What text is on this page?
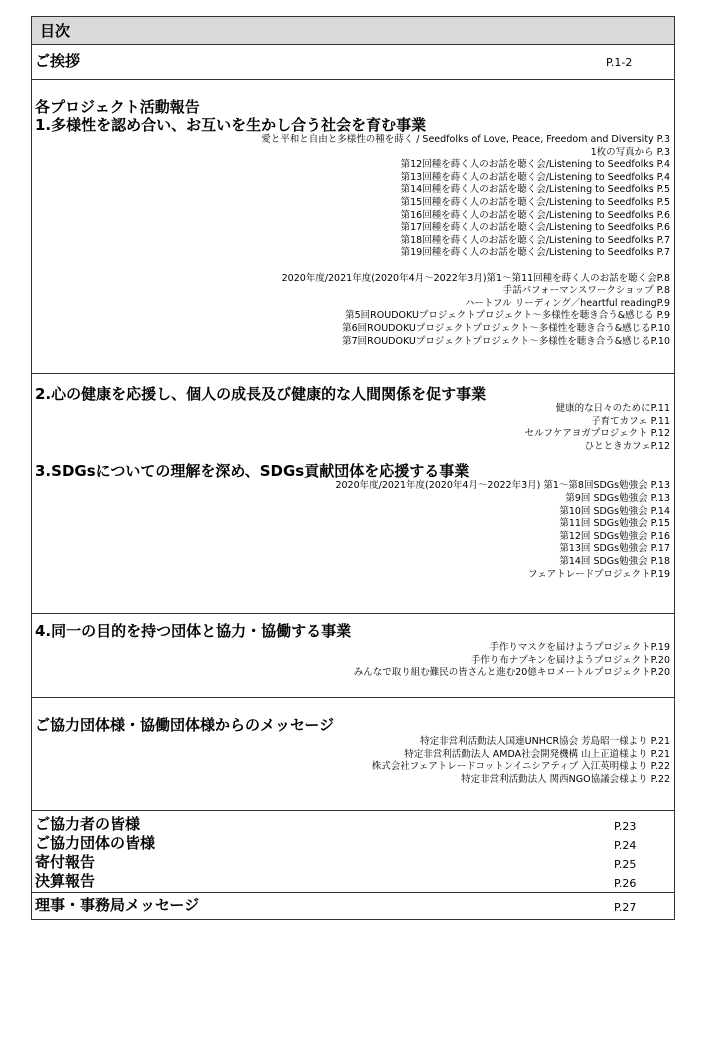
目次
ご挨拶	P.1-2
各プロジェクト活動報告
1.多様性を認め合い、お互いを生かし合う社会を育む事業
愛と平和と自由と多様性の種を蒔く / Seedfolks of Love, Peace, Freedom and Diversity P.3
1枚の写真から P.3
第12回種を蒔く人のお話を聴く会/Listening to Seedfolks P.4
第13回種を蒔く人のお話を聴く会/Listening to Seedfolks P.4
第14回種を蒔く人のお話を聴く会/Listening to Seedfolks P.5
第15回種を蒔く人のお話を聴く会/Listening to Seedfolks P.5
第16回種を蒔く人のお話を聴く会/Listening to Seedfolks P.6
第17回種を蒔く人のお話を聴く会/Listening to Seedfolks P.6
第18回種を蒔く人のお話を聴く会/Listening to Seedfolks P.7
第19回種を蒔く人のお話を聴く会/Listening to Seedfolks P.7
2020年度/2021年度(2020年4月～2022年3月)第1～第11回種を蒔く人のお話を聴く会P.8
手話パフォーマンスワークショップ P.8
ハートフル リーディング／heartful readingP.9
第5回ROUDOKUプロジェクトプロジェクト～多様性を聴き合う&感じる P.9
第6回ROUDOKUプロジェクトプロジェクト～多様性を聴き合う&感じるP.10
第7回ROUDOKUプロジェクトプロジェクト～多様性を聴き合う&感じるP.10
2.心の健康を応援し、個人の成長及び健康的な人間関係を促す事業
健康的な日々のためにP.11
子育てカフェ P.11
セルフケアヨガプロジェクト P.12
ひとときカフェP.12
3.SDGsについての理解を深め、SDGs貢献団体を応援する事業
2020年度/2021年度(2020年4月～2022年3月) 第1～第8回SDGs勉強会 P.13
第9回 SDGs勉強会 P.13
第10回 SDGs勉強会 P.14
第11回 SDGs勉強会 P.15
第12回 SDGs勉強会 P.16
第13回 SDGs勉強会 P.17
第14回 SDGs勉強会 P.18
フェアトレードプロジェクトP.19
4.同一の目的を持つ団体と協力・協働する事業
手作りマスクを届けようプロジェクトP.19
手作り布ナプキンを届けようプロジェクトP.20
みんなで取り組む難民の皆さんと進む20億キロメートルプロジェクトP.20
ご協力団体様・協働団体様からのメッセージ
特定非営利活動法人国連UNHCR協会 芳島昭一様より P.21
特定非営利活動法人 AMDA社会開発機構 山上正道様より P.21
株式会社フェアトレードコットンイニシアティブ 入江英明様より P.22
特定非営利活動法人 関西NGO協議会様より P.22
ご協力者の皆様	P.23
ご協力団体の皆様	P.24
寄付報告	P.25
決算報告	P.26
理事・事務局メッセージ	P.27
